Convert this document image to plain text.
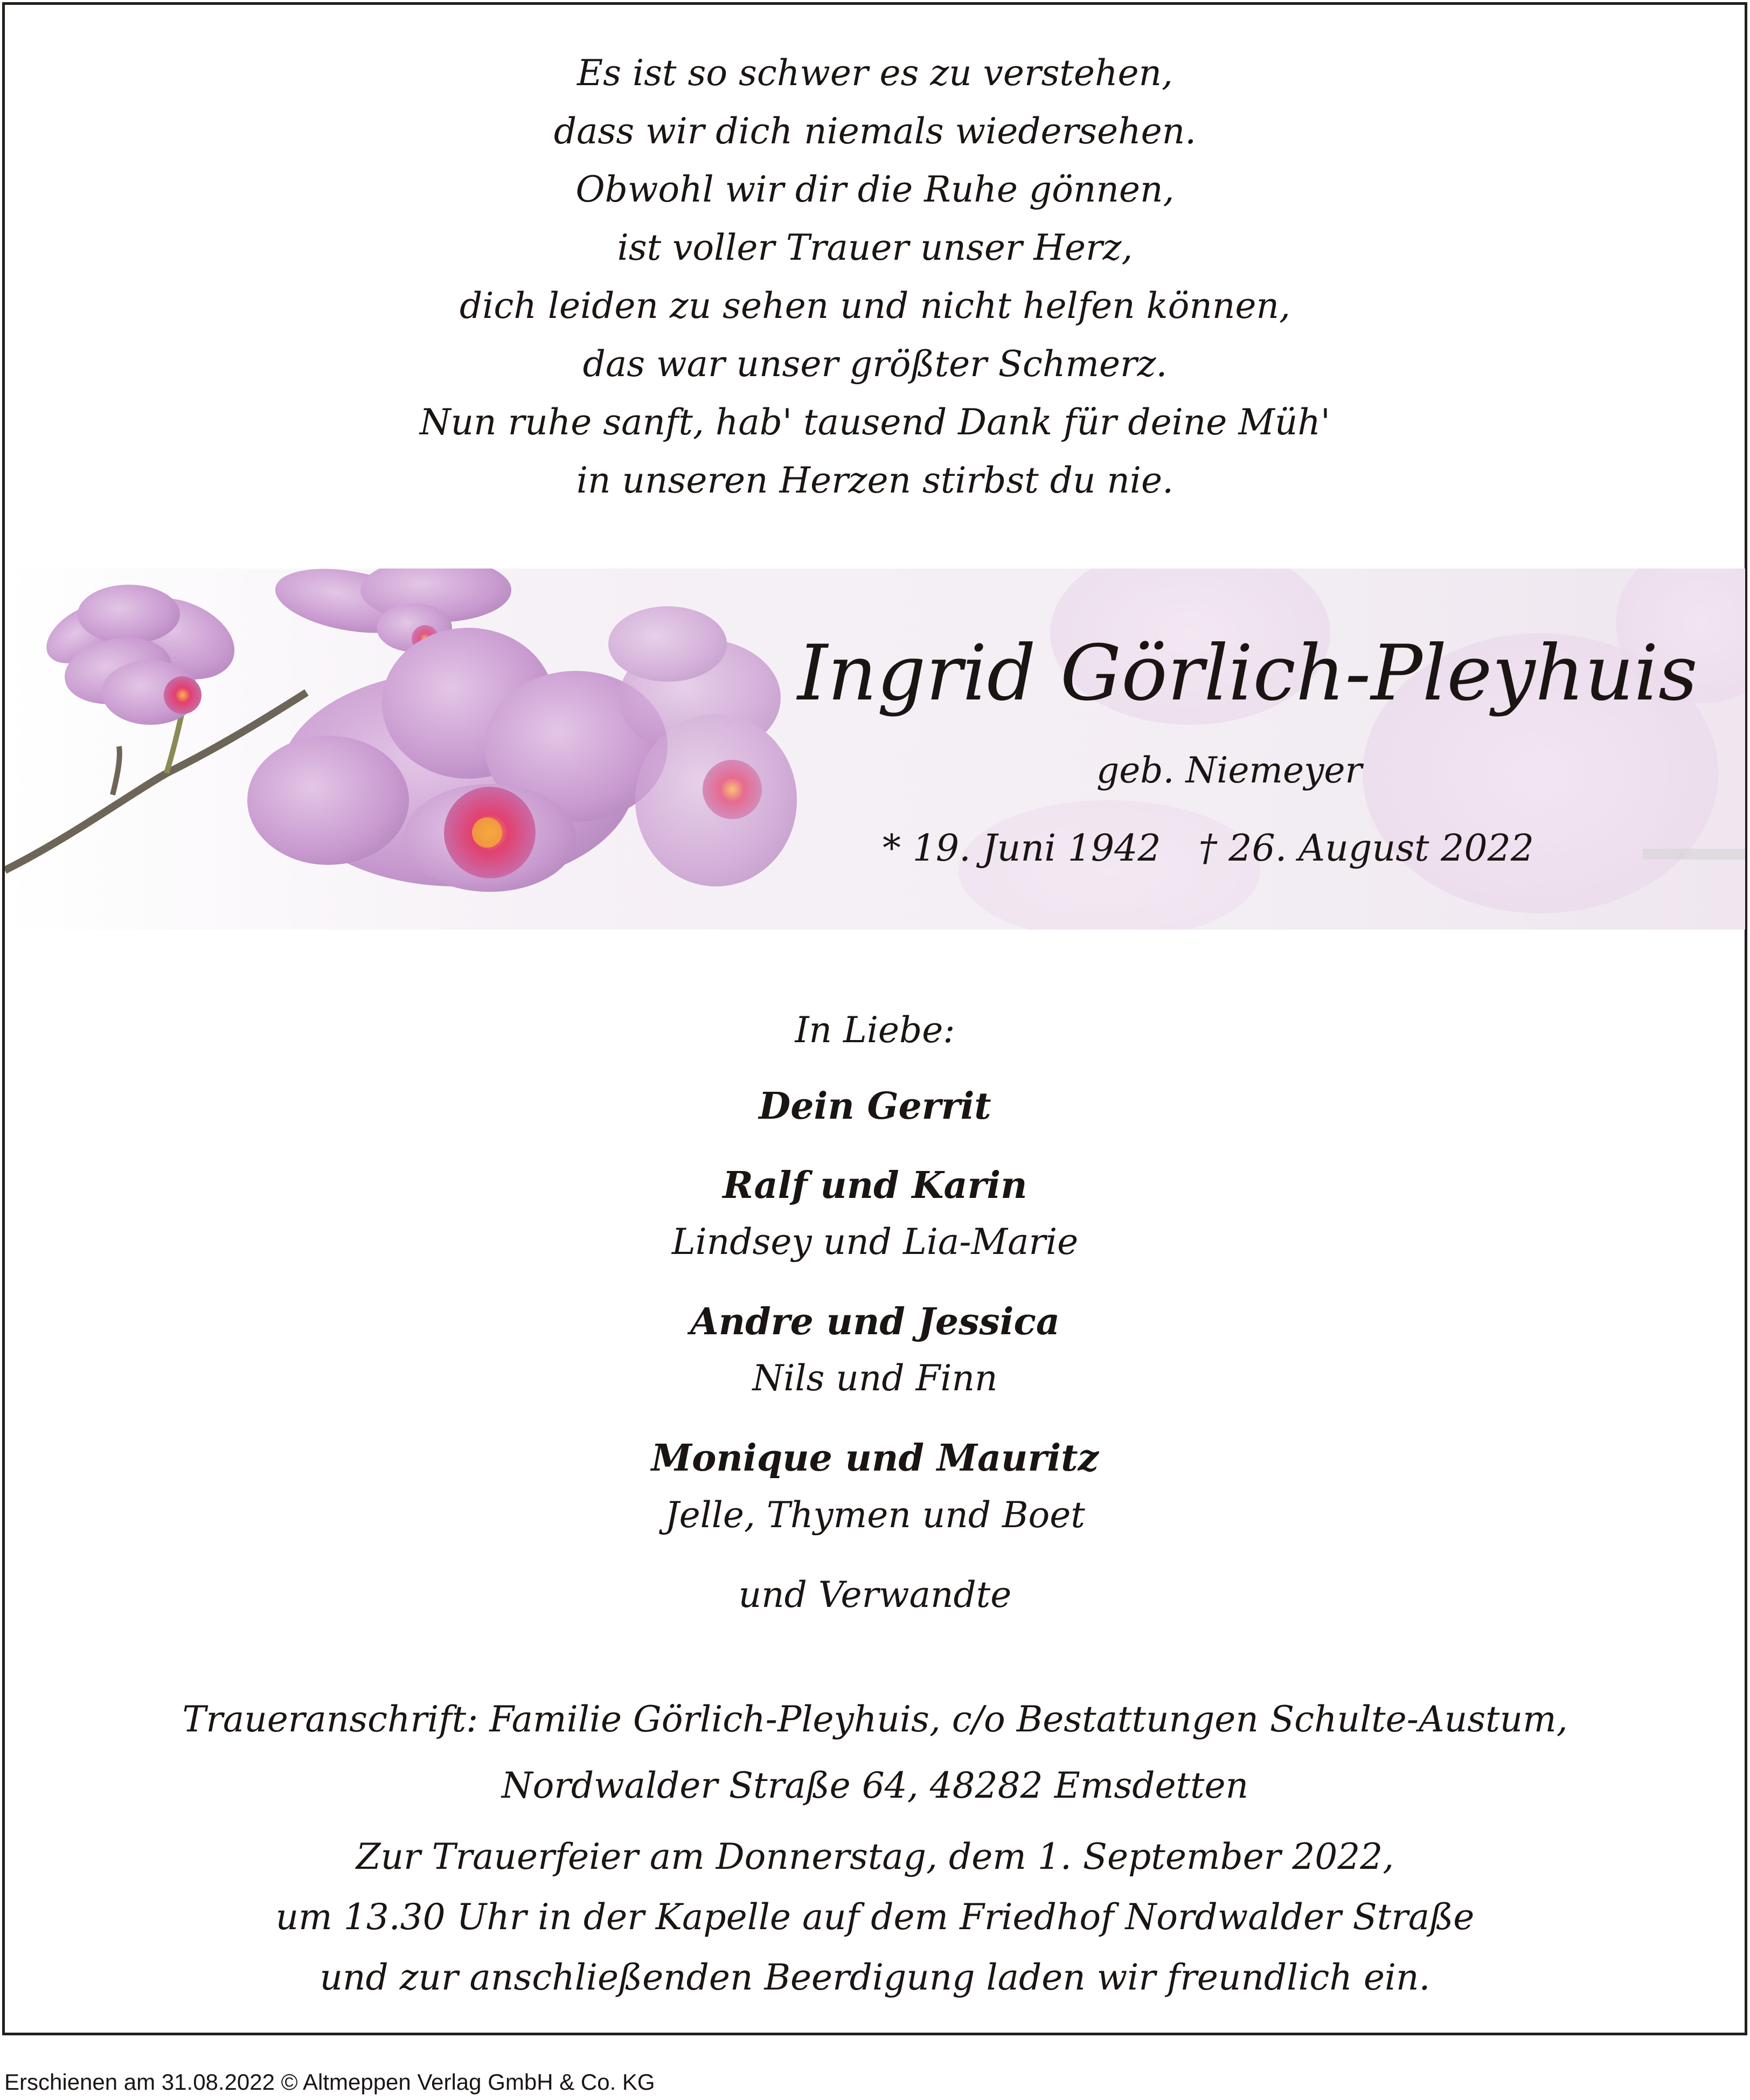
Es ist so schwer es zu verstehen,
dass wir dich niemals wiedersehen.
Obwohl wir dir die Ruhe gönnen,
ist voller Trauer unser Herz,
dich leiden zu sehen und nicht helfen können,
das war unser größter Schmerz.
Nun ruhe sanft, hab' tausend Dank für deine Müh'
in unseren Herzen stirbst du nie.
Ingrid Görlich-Pleyhuis
geb. Niemeyer
* 19. Juni 1942 † 26. August 2022
In Liebe:
Dein Gerrit
Ralf und Karin
Lindsey und Lia-Marie
Andre und Jessica
Nils und Finn
Monique und Mauritz
Jelle, Thymen und Boet
und Verwandte
Traueranschrift: Familie Görlich-Pleyhuis, c/o Bestattungen Schulte-Austum,
Nordwalder Straße 64, 48282 Emsdetten
Zur Trauerfeier am Donnerstag, dem 1. September 2022,
um 13.30 Uhr in der Kapelle auf dem Friedhof Nordwalder Straße
und zur anschließenden Beerdigung laden wir freundlich ein.
Erschienen am 31.08.2022 © Altmeppen Verlag GmbH & Co. KG
